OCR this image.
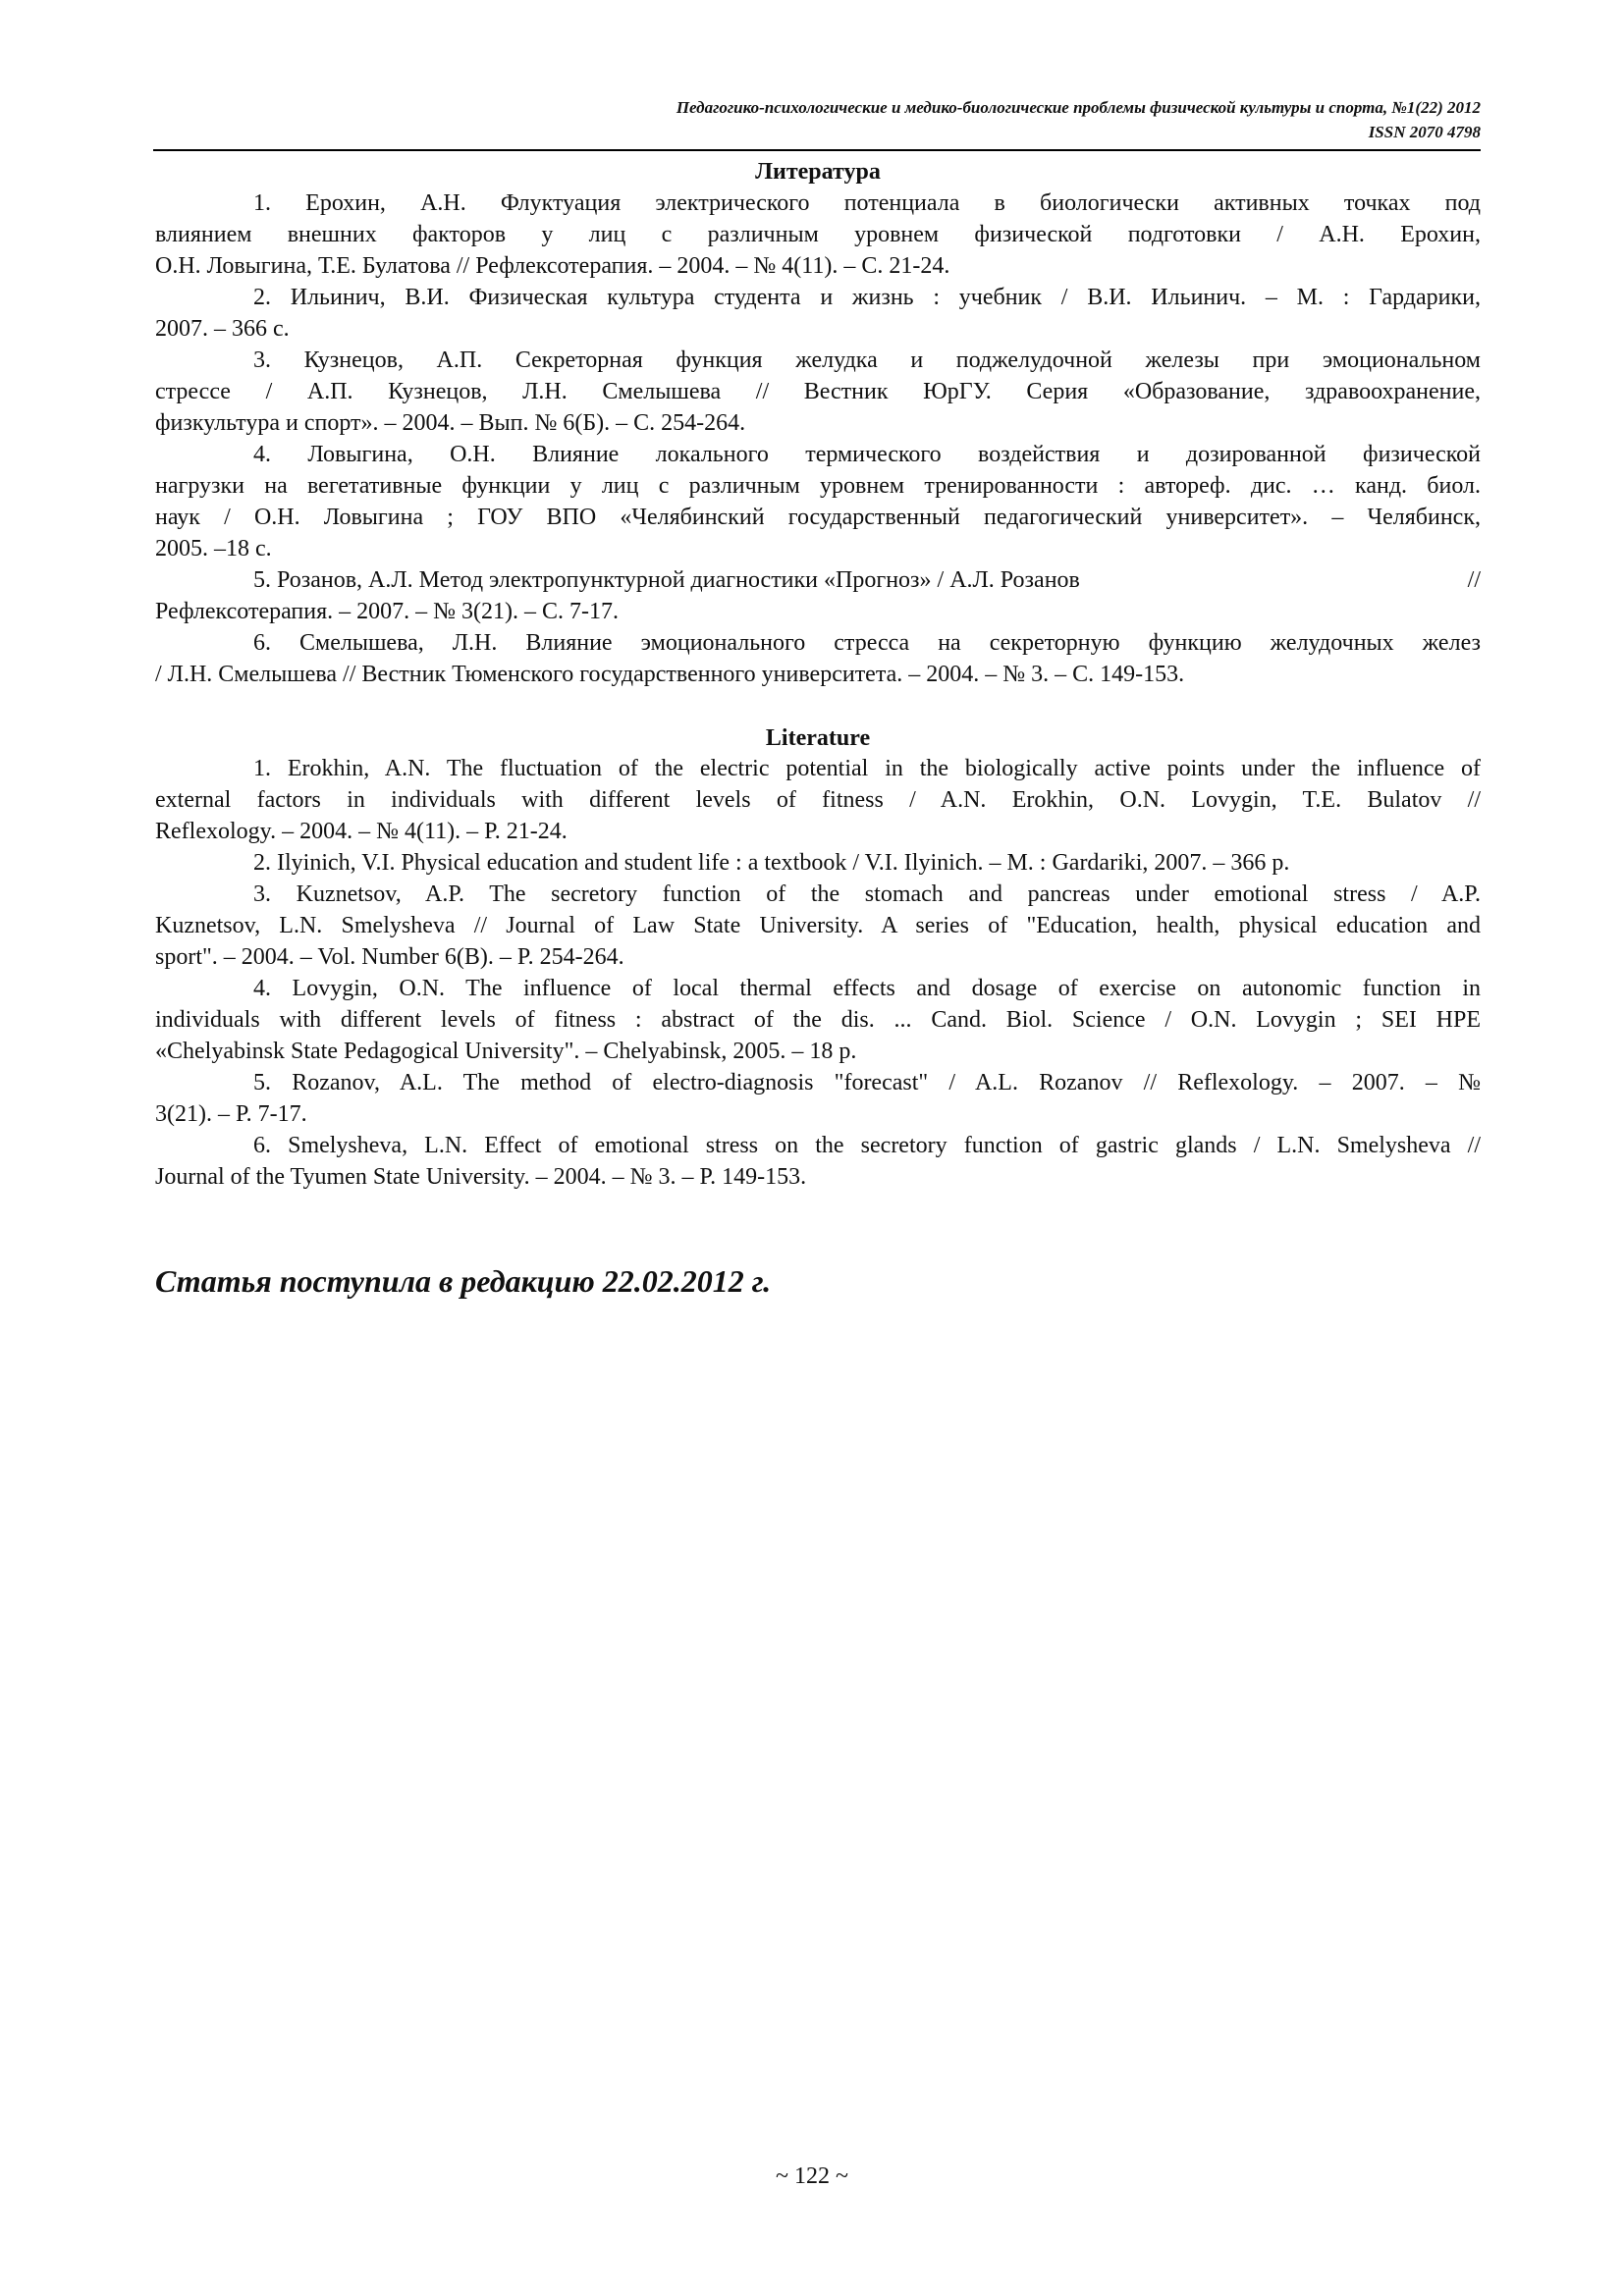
Педагогико-психологические и медико-биологические проблемы физической культуры и спорта, №1(22) 2012
ISSN 2070 4798
Литература
1. Ерохин, А.Н. Флуктуация электрического потенциала в биологически активных точках под
влиянием внешних факторов у лиц с различным уровнем физической подготовки / А.Н. Ерохин,
О.Н. Ловыгина, Т.Е. Булатова // Рефлексотерапия. – 2004. – № 4(11). – С. 21-24.
2. Ильинич, В.И. Физическая культура студента и жизнь : учебник / В.И. Ильинич. – М. : Гардарики,
2007. – 366 с.
3. Кузнецов, А.П. Секреторная функция желудка и поджелудочной железы при эмоциональном
стрессе / А.П. Кузнецов, Л.Н. Смелышева // Вестник ЮрГУ. Серия «Образование, здравоохранение,
физкультура и спорт». – 2004. – Вып. № 6(Б). – С. 254-264.
4. Ловыгина, О.Н. Влияние локального термического воздействия и дозированной физической
нагрузки на вегетативные функции у лиц с различным уровнем тренированности : автореф. дис. … канд. биол.
наук / О.Н. Ловыгина ; ГОУ ВПО «Челябинский государственный педагогический университет». – Челябинск,
2005. –18 с.
5. Розанов, А.Л. Метод электропунктурной диагностики «Прогноз» / А.Л. Розанов	//
Рефлексотерапия. – 2007. – № 3(21). – С. 7-17.
6. Смелышева, Л.Н. Влияние эмоционального стресса на секреторную функцию желудочных желез
/ Л.Н. Смелышева // Вестник Тюменского государственного университета. – 2004. – № 3. – С. 149-153.
Literature
1. Erokhin, A.N. The fluctuation of the electric potential in the biologically active points under the influence of
external factors in individuals with different levels of fitness / A.N. Erokhin, O.N. Lovygin, T.E. Bulatov //
Reflexology. – 2004. – № 4(11). – P. 21-24.
2. Ilyinich, V.I. Physical education and student life : a textbook / V.I. Ilyinich. – M. : Gardariki, 2007. – 366 p.
3. Kuznetsov, A.P. The secretory function of the stomach and pancreas under emotional stress / A.P.
Kuznetsov, L.N. Smelysheva // Journal of Law State University. A series of "Education, health, physical education and
sport". – 2004. – Vol. Number 6(B). – P. 254-264.
4. Lovygin, O.N. The influence of local thermal effects and dosage of exercise on autonomic function in
individuals with different levels of fitness : abstract of the dis. ... Cand. Biol. Science / O.N. Lovygin ; SEI HPE
«Chelyabinsk State Pedagogical University". – Chelyabinsk, 2005. – 18 p.
5. Rozanov, A.L. The method of electro-diagnosis "forecast" / A.L. Rozanov // Reflexology. – 2007. – №
3(21). – P. 7-17.
6. Smelysheva, L.N. Effect of emotional stress on the secretory function of gastric glands / L.N. Smelysheva //
Journal of the Tyumen State University. – 2004. – № 3. – P. 149-153.
Статья поступила в редакцию 22.02.2012 г.
~ 122 ~
